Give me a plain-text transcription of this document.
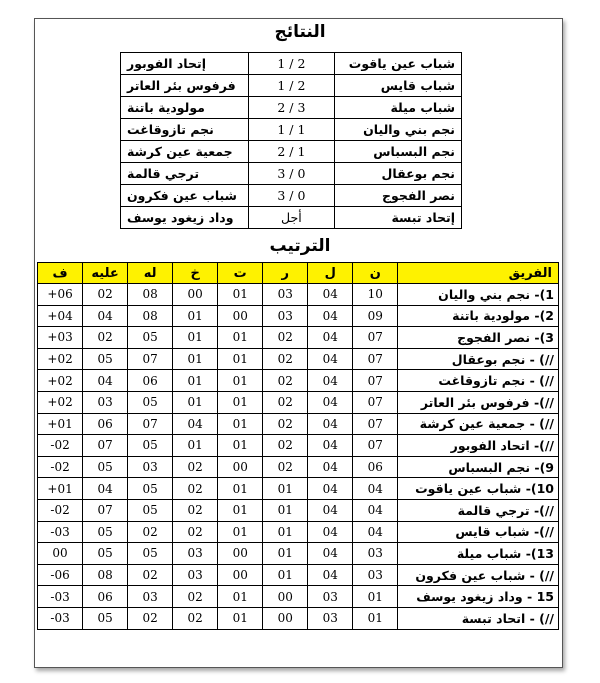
النتائج
شباب عين ياقوت	2 / 1	إتحاد الفوبور
شباب قايس	2 / 1	فرفوس بئر العاتر
شباب ميلة	3 / 2	مولودية باتنة
نجم بني واليان	1 / 1	نجم تازوقاغت
نجم البسباس	1 / 2	جمعية عين كرشة
نجم بوعقال	0 / 3	ترجي قالمة
نصر الفجوج	0 / 3	شباب عين فكرون
إتحاد تبسة	أجل	وداد زيغود يوسف
الترتيب
الفريق	ن	ل	ر	ت	خ	له	عليه	ف
1)- نجم بني واليان	10	04	03	01	00	08	02	06+
2)- مولودية باتنة	09	04	03	00	01	08	04	04+
3)- نصر الفجوج	07	04	02	01	01	05	02	03+
//) - نجم بوعقال	07	04	02	01	01	07	05	02+
//) - نجم تازوقاغت	07	04	02	01	01	06	04	02+
//)- فرفوس بئر العاتر	07	04	02	01	01	05	03	02+
//) - جمعية عين كرشة	07	04	02	01	04	07	06	01+
//)- اتحاد الفوبور	07	04	02	01	01	05	07	02-
9)- نجم البسباس	06	04	02	00	02	03	05	02-
10)- شباب عين ياقوت	04	04	01	01	02	05	04	01+
//)- ترجي قالمة	04	04	01	01	02	05	07	02-
//)- شباب قايس	04	04	01	01	02	02	05	03-
13)- شباب ميلة	03	04	01	00	03	05	05	00
//) - شباب عين فكرون	03	04	01	00	03	02	08	06-
15 - وداد زيغود يوسف	01	03	00	01	02	03	06	03-
//) - اتحاد تبسة	01	03	00	01	02	02	05	03-
